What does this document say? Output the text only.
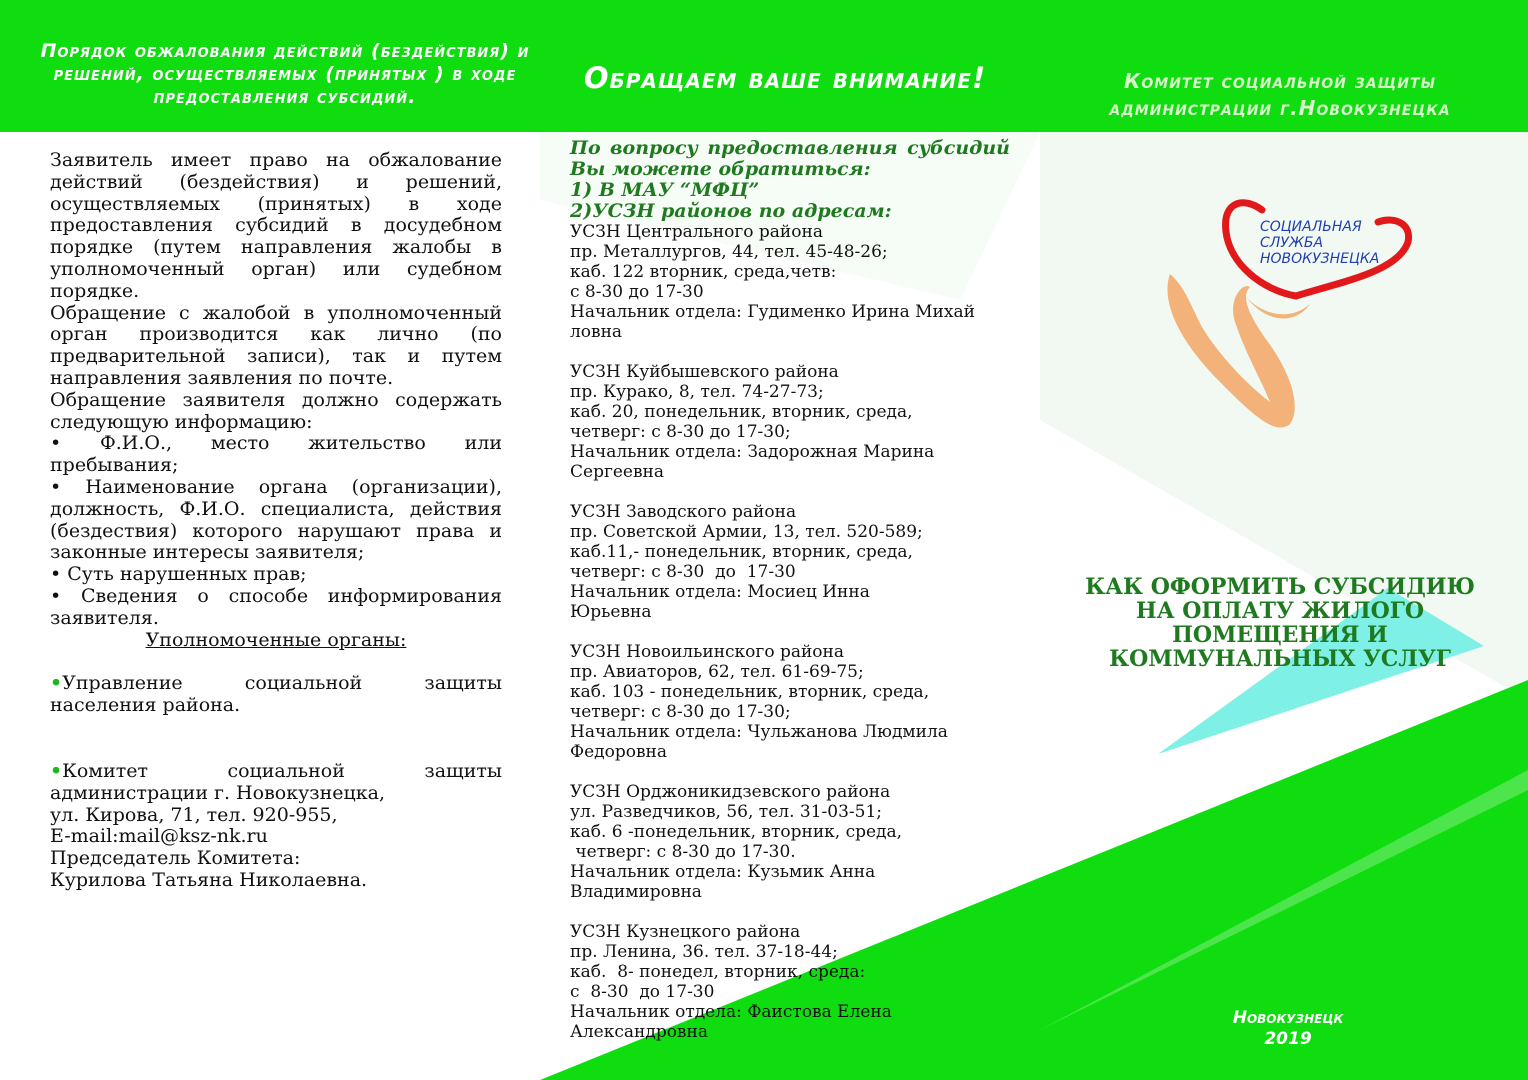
Порядок обжалования действий (бездействия) и решений, осуществляемых (принятых ) в ходе предоставления субсидий.
Обращаем ваше внимание!	Комитет социальной защиты администрации г.Новокузнецка

Заявитель имеет право на обжалование действий (бездействия) и решений, осуществляемых (принятых) в ходе предоставления субсидий в досудебном порядке (путем направления жалобы в уполномоченный орган) или судебном порядке.

Обращение с жалобой в уполномоченный орган производится как лично (по предварительной записи), так и путем направления заявления по почте.

Обращение заявителя должно содержать следующую информацию:

• Ф.И.О., место жительство или пребывания;

• Наименование органа (организации), должность, Ф.И.О. специалиста, действия (бездествия) которого нарушают права и законные интересы заявителя;

• Суть нарушенных прав;

• Сведения о способе информирования заявителя.

Уполномоченные органы:

•Управление социальной защиты населения района.

•Комитет социальной защиты

администрации г. Новокузнецка,

ул. Кирова, 71, тел. 920-955,

E-mail:mail@ksz-nk.ru

Председатель Комитета:

Курилова Татьяна Николаевна.

По вопросу предоставления субсидий

Вы можете обратиться:

1) В МАУ “МФЦ”

2)УСЗН районов по адресам:

УСЗН Центрального района
пр. Металлургов, 44, тел. 45-48-26;
каб. 122 вторник, среда,четв:
с 8-30 до 17-30
Начальник отдела: Гудименко Ирина Михай
ловна
УСЗН Куйбышевского района
пр. Курако, 8, тел. 74-27-73;
каб. 20, понедельник, вторник, среда,
четверг: с 8-30 до 17-30;
Начальник отдела: Задорожная Марина
Сергеевна
УСЗН Заводского района
пр. Советской Армии, 13, тел. 520-589;
каб.11,- понедельник, вторник, среда,
четверг: с 8-30  до  17-30
Начальник отдела: Мосиец Инна
Юрьевна
УСЗН Новоильинского района
пр. Авиаторов, 62, тел. 61-69-75;
каб. 103 - понедельник, вторник, среда,
четверг: с 8-30 до 17-30;
Начальник отдела: Чульжанова Людмила
Федоровна
УСЗН Орджоникидзевского района
ул. Разведчиков, 56, тел. 31-03-51;
каб. 6 -понедельник, вторник, среда,
четверг: с 8-30 до 17-30.
Начальник отдела: Кузьмик Анна
Владимировна
УСЗН Кузнецкого района
пр. Ленина, 36. тел. 37-18-44;
каб.  8- понедел, вторник, среда:
с  8-30  до 17-30
Начальник отдела: Фаистова Елена
Александровна
СОЦИАЛЬНАЯ
СЛУЖБА
НОВОКУЗНЕЦКА
КАК ОФОРМИТЬ СУБСИДИЮ
НА ОПЛАТУ ЖИЛОГО
ПОМЕЩЕНИЯ И
КОММУНАЛЬНЫХ УСЛУГ
Новокузнецк
2019
